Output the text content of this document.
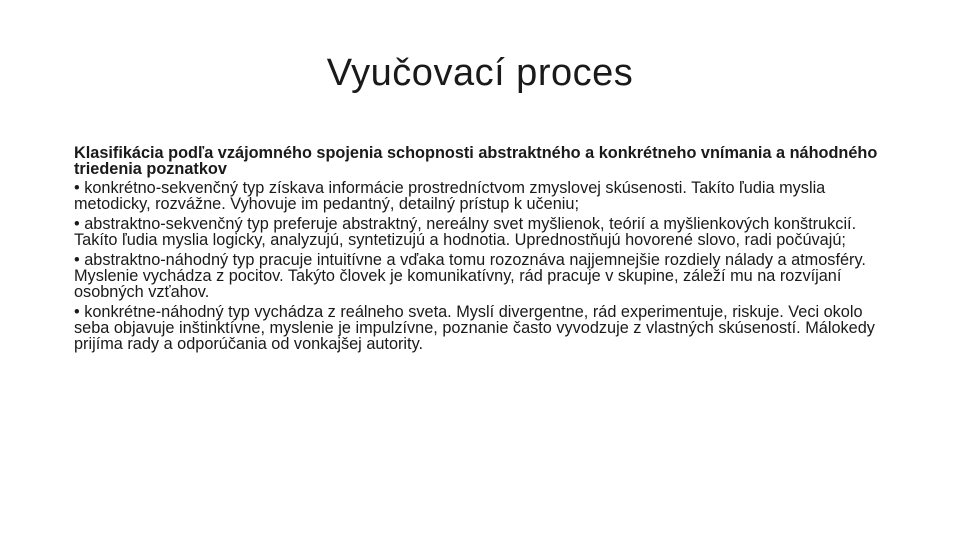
Vyučovací proces

Klasifikácia podľa vzájomného spojenia schopnosti abstraktného a konkrétneho vnímania a náhodného triedenia poznatkov

• konkrétno-sekvenčný typ získava informácie prostredníctvom zmyslovej skúsenosti. Takíto ľudia myslia metodicky, rozvážne. Vyhovuje im pedantný, detailný prístup k učeniu;

• abstraktno-sekvenčný typ preferuje abstraktný, nereálny svet myšlienok, teórií a myšlienkových konštrukcií. Takíto ľudia myslia logicky, analyzujú, syntetizujú a hodnotia. Uprednostňujú hovorené slovo, radi počúvajú;

• abstraktno-náhodný typ pracuje intuitívne a vďaka tomu rozoznáva najjemnejšie rozdiely nálady a atmosféry. Myslenie vychádza z pocitov. Takýto človek je komunikatívny, rád pracuje v skupine, záleží mu na rozvíjaní osobných vzťahov.

• konkrétne-náhodný typ vychádza z reálneho sveta. Myslí divergentne, rád experimentuje, riskuje. Veci okolo seba objavuje inštinktívne, myslenie je impulzívne, poznanie často vyvodzuje z vlastných skúseností. Málokedy prijíma rady a odporúčania od vonkajšej autority.
